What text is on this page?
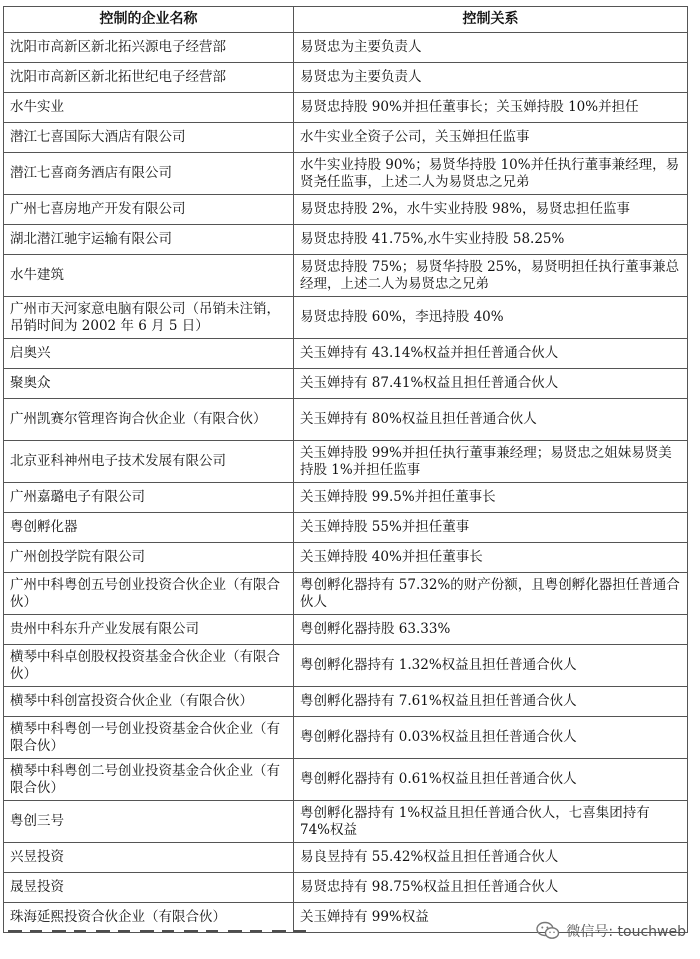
控制的企业名称	控制关系
沈阳市高新区新北拓兴源电子经营部	易贤忠为主要负责人
沈阳市高新区新北拓世纪电子经营部	易贤忠为主要负责人
水牛实业	易贤忠持股 90%并担任董事长；关玉婵持股 10%并担任
潜江七喜国际大酒店有限公司	水牛实业全资子公司，关玉婵担任监事
潜江七喜商务酒店有限公司	水牛实业持股 90%；易贤华持股 10%并任执行董事兼经理，易贤尧任监事，上述二人为易贤忠之兄弟
广州七喜房地产开发有限公司	易贤忠持股 2%，水牛实业持股 98%，易贤忠担任监事
湖北潜江驰宇运输有限公司	易贤忠持股 41.75%,水牛实业持股 58.25%
水牛建筑	易贤忠持股 75%；易贤华持股 25%，易贤明担任执行董事兼总经理，上述二人为易贤忠之兄弟
广州市天河家意电脑有限公司（吊销未注销，吊销时间为 2002 年 6 月 5 日）	易贤忠持股 60%，李迅持股 40%
启奥兴	关玉婵持有 43.14%权益并担任普通合伙人
聚奥众	关玉婵持有 87.41%权益且担任普通合伙人
广州凯赛尔管理咨询合伙企业（有限合伙）	关玉婵持有 80%权益且担任普通合伙人
北京亚科神州电子技术发展有限公司	关玉婵持股 99%并担任执行董事兼经理；易贤忠之姐妹易贤美持股 1%并担任监事
广州嘉璐电子有限公司	关玉婵持股 99.5%并担任董事长
粤创孵化器	关玉婵持股 55%并担任董事
广州创投学院有限公司	关玉婵持股 40%并担任董事长
广州中科粤创五号创业投资合伙企业（有限合伙）	粤创孵化器持有 57.32%的财产份额，且粤创孵化器担任普通合伙人
贵州中科东升产业发展有限公司	粤创孵化器持股 63.33%
横琴中科卓创股权投资基金合伙企业（有限合伙）	粤创孵化器持有 1.32%权益且担任普通合伙人
横琴中科创富投资合伙企业（有限合伙）	粤创孵化器持有 7.61%权益且担任普通合伙人
横琴中科粤创一号创业投资基金合伙企业（有限合伙）	粤创孵化器持有 0.03%权益且担任普通合伙人
横琴中科粤创二号创业投资基金合伙企业（有限合伙）	粤创孵化器持有 0.61%权益且担任普通合伙人
粤创三号	粤创孵化器持有 1%权益且担任普通合伙人，七喜集团持有 74%权益
兴昱投资	易良昱持有 55.42%权益且担任普通合伙人
晟昱投资	易贤忠持有 98.75%权益且担任普通合伙人
珠海延熙投资合伙企业（有限合伙）	关玉婵持有 99%权益
微信号: touchweb
